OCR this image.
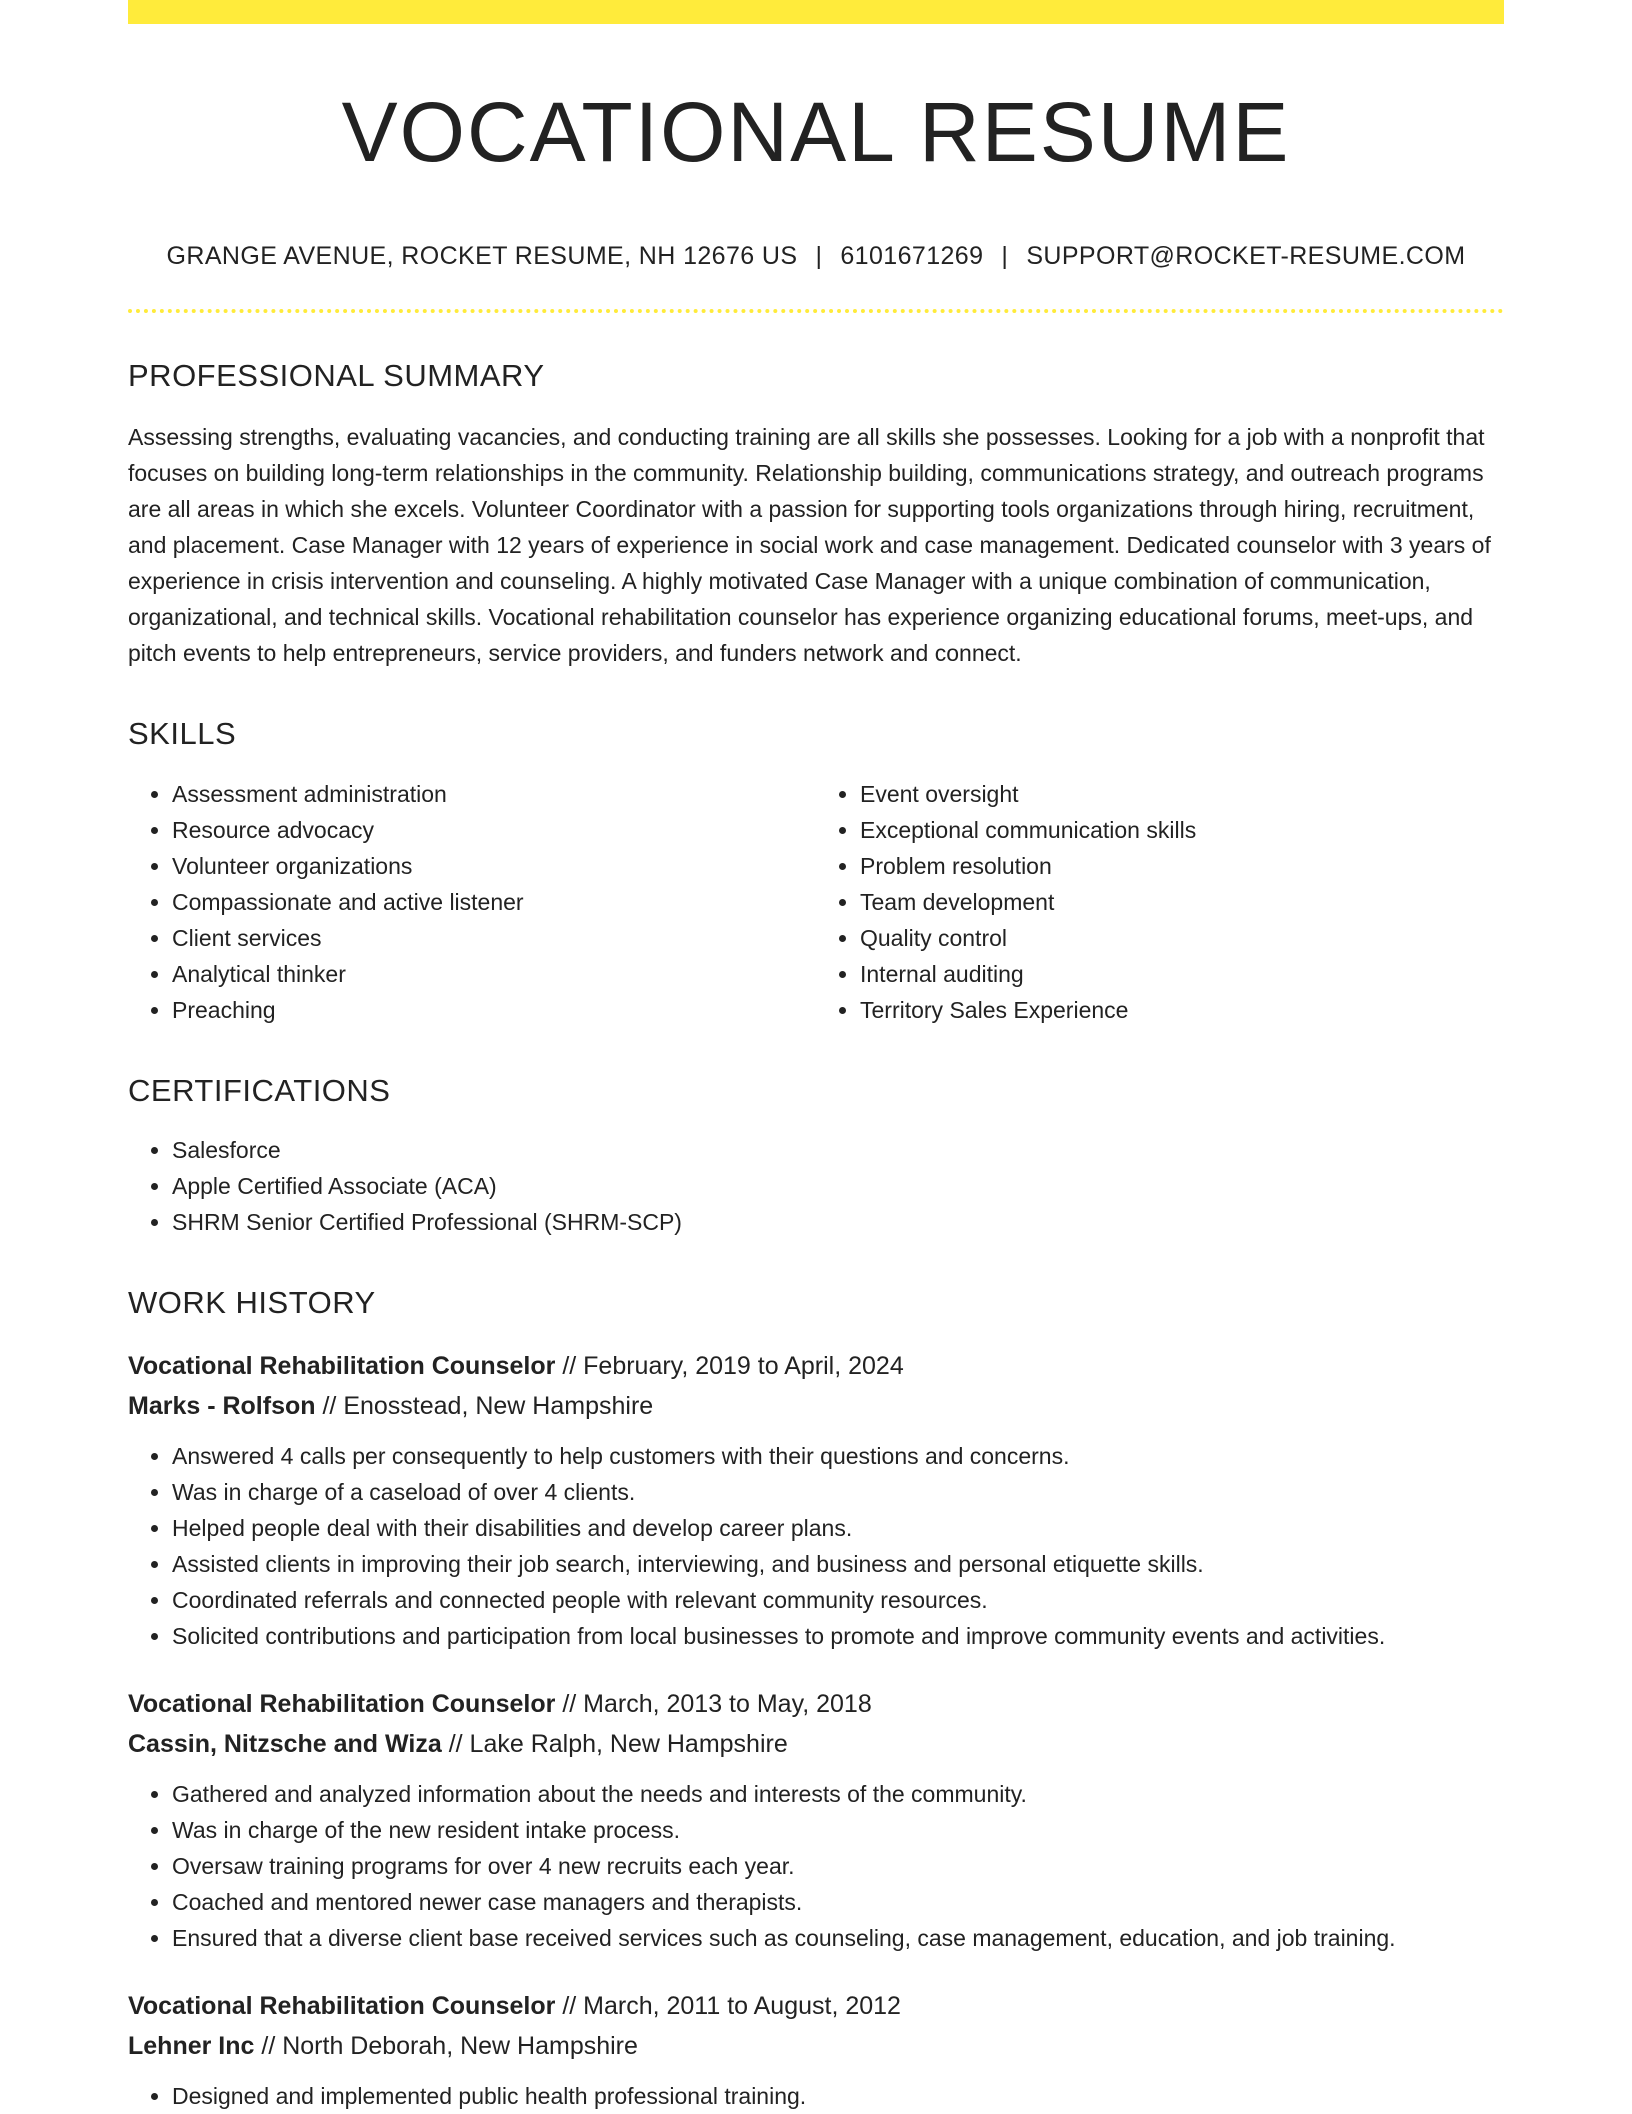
VOCATIONAL RESUME
GRANGE AVENUE, ROCKET RESUME, NH 12676 US | 6101671269 | SUPPORT@ROCKET-RESUME.COM
PROFESSIONAL SUMMARY
Assessing strengths, evaluating vacancies, and conducting training are all skills she possesses. Looking for a job with a nonprofit that focuses on building long-term relationships in the community. Relationship building, communications strategy, and outreach programs are all areas in which she excels. Volunteer Coordinator with a passion for supporting tools organizations through hiring, recruitment, and placement. Case Manager with 12 years of experience in social work and case management. Dedicated counselor with 3 years of experience in crisis intervention and counseling. A highly motivated Case Manager with a unique combination of communication, organizational, and technical skills. Vocational rehabilitation counselor has experience organizing educational forums, meet-ups, and pitch events to help entrepreneurs, service providers, and funders network and connect.
SKILLS
• Assessment administration
• Resource advocacy
• Volunteer organizations
• Compassionate and active listener
• Client services
• Analytical thinker
• Preaching
• Event oversight
• Exceptional communication skills
• Problem resolution
• Team development
• Quality control
• Internal auditing
• Territory Sales Experience
CERTIFICATIONS
• Salesforce
• Apple Certified Associate (ACA)
• SHRM Senior Certified Professional (SHRM-SCP)
WORK HISTORY
Vocational Rehabilitation Counselor // February, 2019 to April, 2024
Marks - Rolfson // Enosstead, New Hampshire
• Answered 4 calls per consequently to help customers with their questions and concerns.
• Was in charge of a caseload of over 4 clients.
• Helped people deal with their disabilities and develop career plans.
• Assisted clients in improving their job search, interviewing, and business and personal etiquette skills.
• Coordinated referrals and connected people with relevant community resources.
• Solicited contributions and participation from local businesses to promote and improve community events and activities.
Vocational Rehabilitation Counselor // March, 2013 to May, 2018
Cassin, Nitzsche and Wiza // Lake Ralph, New Hampshire
• Gathered and analyzed information about the needs and interests of the community.
• Was in charge of the new resident intake process.
• Oversaw training programs for over 4 new recruits each year.
• Coached and mentored newer case managers and therapists.
• Ensured that a diverse client base received services such as counseling, case management, education, and job training.
Vocational Rehabilitation Counselor // March, 2011 to August, 2012
Lehner Inc // North Deborah, New Hampshire
• Designed and implemented public health professional training.
